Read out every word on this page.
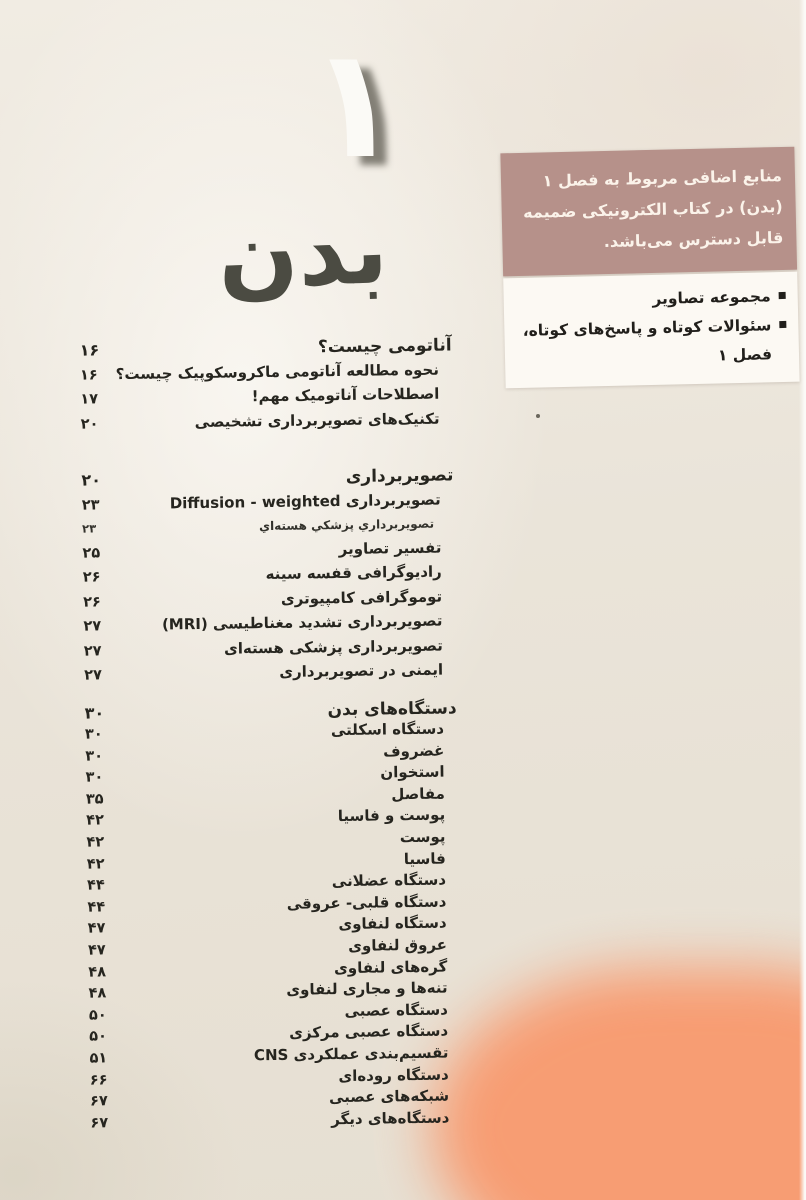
۱
بدن
منابع اضافی مربوط به فصل ۱ (بدن) در کتاب الکترونیکی ضمیمه قابل دسترس می‌باشد.
مجموعه تصاویر
سئوالات کوتاه و پاسخ‌های کوتاه، فصل ۱
آناتومی چیست؟
۱۶
نحوه مطالعه آناتومی ماکروسکوپیک چیست؟
۱۶
اصطلاحات آناتومیک مهم!
۱۷
تکنیک‌های تصویربرداری تشخیصی
۲۰
تصویربرداری
۲۰
تصویربرداری Diffusion - weighted
۲۳
تصويربرداري پزشكي هسته‌اي
۲۳
تفسیر تصاویر
۲۵
رادیوگرافی قفسه سینه
۲۶
توموگرافی کامپیوتری
۲۶
تصویربرداری تشدید مغناطیسی (MRI)
۲۷
تصویربرداری پزشکی هسته‌ای
۲۷
ایمنی در تصویربرداری
۲۷
دستگاه‌های بدن
۳۰
دستگاه اسکلتی
۳۰
غضروف
۳۰
استخوان
۳۰
مفاصل
۳۵
پوست و فاسیا
۴۲
پوست
۴۲
فاسیا
۴۲
دستگاه عضلانی
۴۴
دستگاه قلبی- عروقی
۴۴
دستگاه لنفاوی
۴۷
عروق لنفاوی
۴۷
گره‌های لنفاوی
۴۸
تنه‌ها و مجاری لنفاوی
۴۸
دستگاه عصبی
۵۰
دستگاه عصبی مرکزی
۵۰
تقسیم‌بندی عملکردی CNS
۵۱
دستگاه روده‌ای
۶۶
شبکه‌های عصبی
۶۷
دستگاه‌های دیگر
۶۷
